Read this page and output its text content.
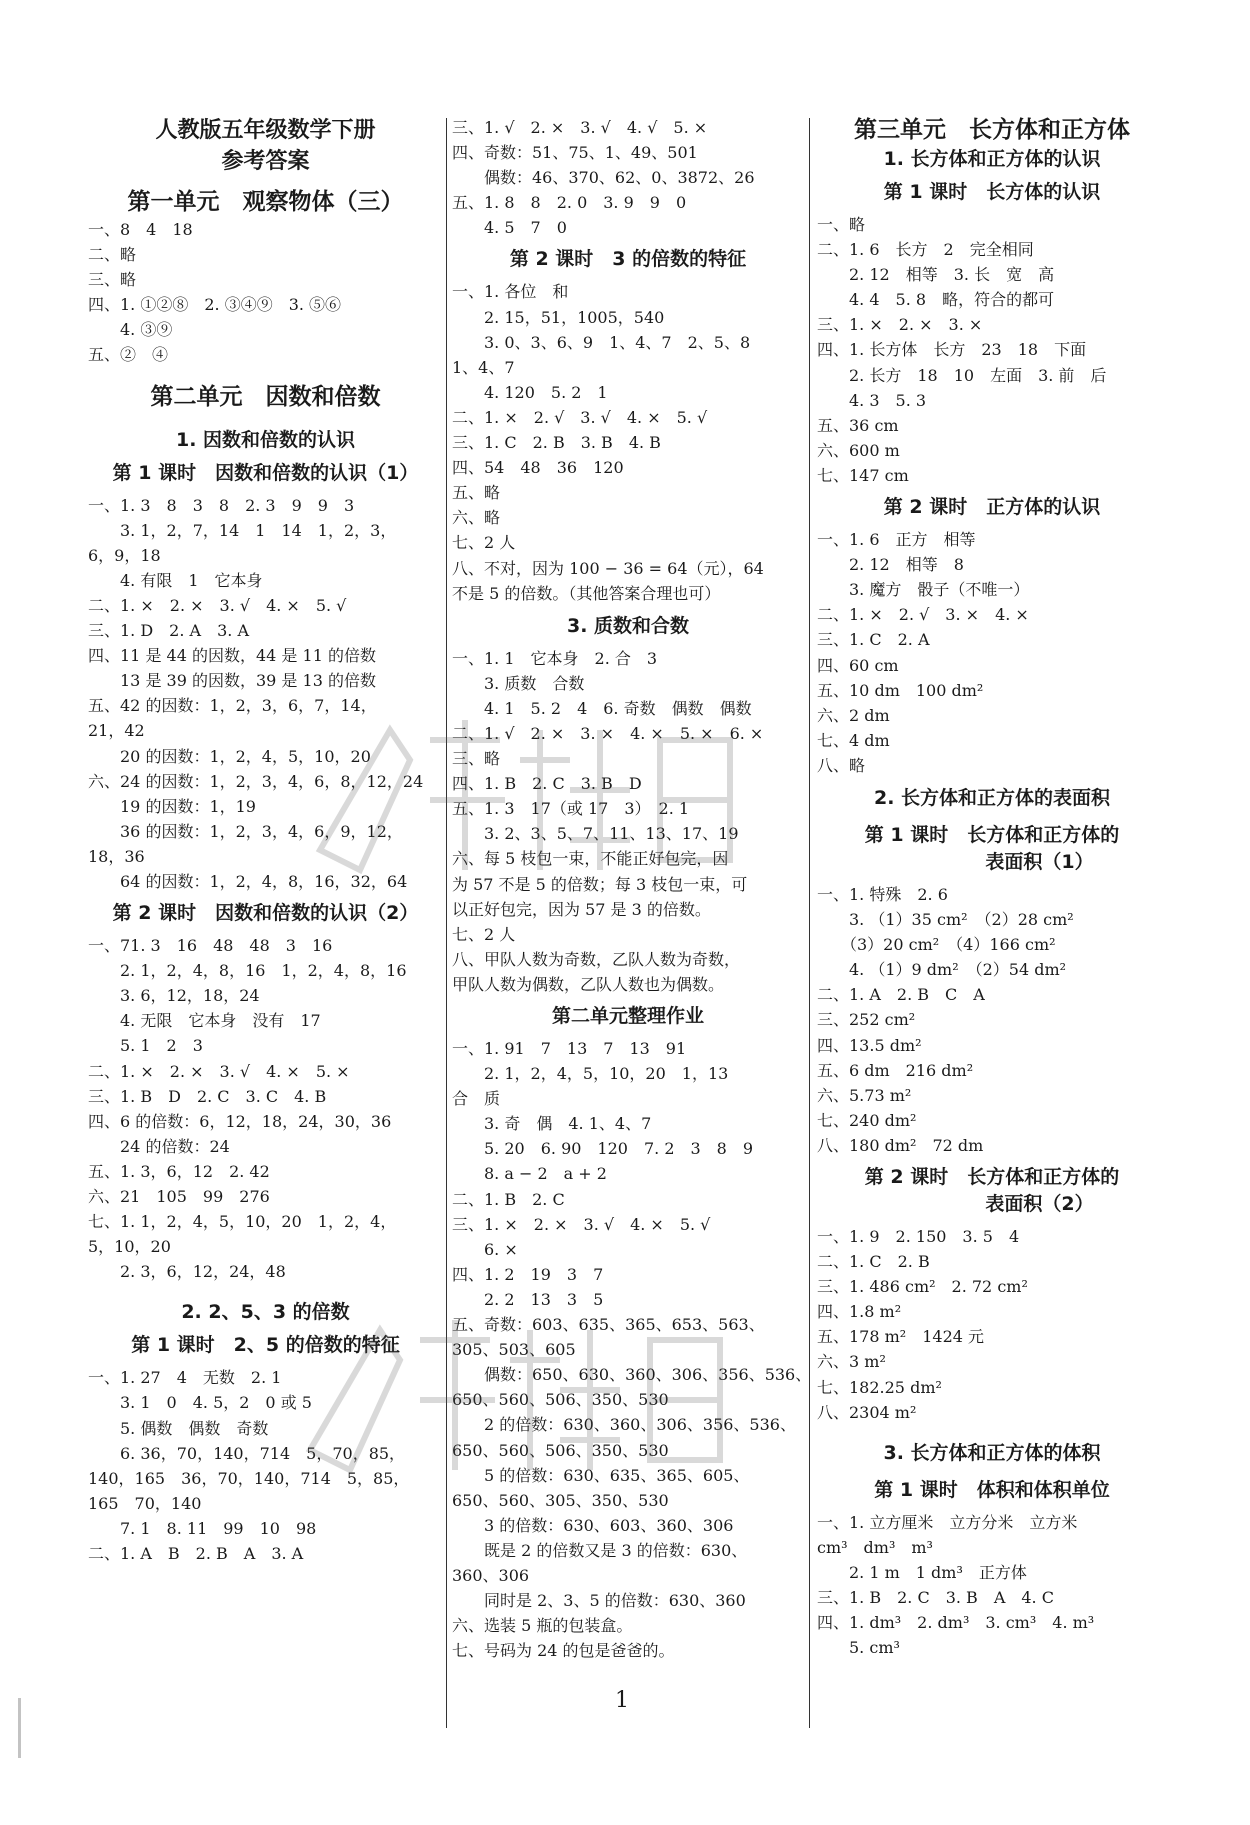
人教版五年级数学下册
参考答案
第一单元　观察物体（三）
一、8　4　18
二、略
三、略
四、1. ①②⑧　2. ③④⑨　3. ⑤⑥
　　4. ③⑨
五、②　④
第二单元　因数和倍数
1. 因数和倍数的认识
第 1 课时　因数和倍数的认识（1）
一、1. 3　8　3　8　2. 3　9　9　3
　　3. 1，2，7，14　1　14　1，2，3，
6，9，18
　　4. 有限　1　它本身
二、1. ×　2. ×　3. √　4. ×　5. √
三、1. D　2. A　3. A
四、11 是 44 的因数，44 是 11 的倍数
　　13 是 39 的因数，39 是 13 的倍数
五、42 的因数：1，2，3，6，7，14，
21，42
　　20 的因数：1，2，4，5，10，20
六、24 的因数：1，2，3，4，6，8，12，24
　　19 的因数：1，19
　　36 的因数：1，2，3，4，6，9，12，
18，36
　　64 的因数：1，2，4，8，16，32，64
第 2 课时　因数和倍数的认识（2）
一、71. 3　16　48　48　3　16
　　2. 1，2，4，8，16　1，2，4，8，16
　　3. 6，12，18，24
　　4. 无限　它本身　没有　17
　　5. 1　2　3
二、1. ×　2. ×　3. √　4. ×　5. ×
三、1. B　D　2. C　3. C　4. B
四、6 的倍数：6，12，18，24，30，36
　　24 的倍数：24
五、1. 3，6，12　2. 42
六、21　105　99　276
七、1. 1，2，4，5，10，20　1，2，4，
5，10，20
　　2. 3，6，12，24，48
2. 2、5、3 的倍数
第 1 课时　2、5 的倍数的特征
一、1. 27　4　无数　2. 1
　　3. 1　0　4. 5，2　0 或 5
　　5. 偶数　偶数　奇数
　　6. 36，70，140，714　5，70，85，
140，165　36，70，140，714　5，85，
165　70，140
　　7. 1　8. 11　99　10　98
二、1. A　B　2. B　A　3. A
三、1. √　2. ×　3. √　4. √　5. ×
四、奇数：51、75、1、49、501
　　偶数：46、370、62、0、3872、26
五、1. 8　8　2. 0　3. 9　9　0
　　4. 5　7　0
第 2 课时　3 的倍数的特征
一、1. 各位　和
　　2. 15，51，1005，540
　　3. 0、3、6、9　1、4、7　2、5、8
1、4、7
　　4. 120　5. 2　1
二、1. ×　2. √　3. √　4. ×　5. √
三、1. C　2. B　3. B　4. B
四、54　48　36　120
五、略
六、略
七、2 人
八、不对，因为 100 − 36 = 64（元），64
不是 5 的倍数。（其他答案合理也可）
3. 质数和合数
一、1. 1　它本身　2. 合　3
　　3. 质数　合数
　　4. 1　5. 2　4　6. 奇数　偶数　偶数
二、1. √　2. ×　3. ×　4. ×　5. ×　6. ×
三、略
四、1. B　2. C　3. B　D
五、1. 3　17（或 17　3）　2. 1
　　3. 2、3、5、7、11、13、17、19
六、每 5 枝包一束，不能正好包完，因
为 57 不是 5 的倍数；每 3 枝包一束，可
以正好包完，因为 57 是 3 的倍数。
七、2 人
八、甲队人数为奇数，乙队人数为奇数，
甲队人数为偶数，乙队人数也为偶数。
第二单元整理作业
一、1. 91　7　13　7　13　91
　　2. 1，2，4，5，10，20　1，13
合　质
　　3. 奇　偶　4. 1、4、7
　　5. 20　6. 90　120　7. 2　3　8　9
　　8. a − 2　a + 2
二、1. B　2. C
三、1. ×　2. ×　3. √　4. ×　5. √
　　6. ×
四、1. 2　19　3　7
　　2. 2　13　3　5
五、奇数：603、635、365、653、563、
305、503、605
　　偶数：650、630、360、306、356、536、
650、560、506、350、530
　　2 的倍数：630、360、306、356、536、
650、560、506、350、530
　　5 的倍数：630、635、365、605、
650、560、305、350、530
　　3 的倍数：630、603、360、306
　　既是 2 的倍数又是 3 的倍数：630、
360、306
　　同时是 2、3、5 的倍数：630、360
六、选装 5 瓶的包装盒。
七、号码为 24 的包是爸爸的。
第三单元　长方体和正方体
1. 长方体和正方体的认识
第 1 课时　长方体的认识
一、略
二、1. 6　长方　2　完全相同
　　2. 12　相等　3. 长　宽　高
　　4. 4　5. 8　略，符合的都可
三、1. ×　2. ×　3. ×
四、1. 长方体　长方　23　18　下面
　　2. 长方　18　10　左面　3. 前　后
　　4. 3　5. 3
五、36 cm
六、600 m
七、147 cm
第 2 课时　正方体的认识
一、1. 6　正方　相等
　　2. 12　相等　8
　　3. 魔方　骰子（不唯一）
二、1. ×　2. √　3. ×　4. ×
三、1. C　2. A
四、60 cm
五、10 dm　100 dm²
六、2 dm
七、4 dm
八、略
2. 长方体和正方体的表面积
第 1 课时　长方体和正方体的
　　　　　表面积（1）
一、1. 特殊　2. 6
　　3. （1）35 cm²　（2）28 cm²
　　（3）20 cm²　（4）166 cm²
　　4. （1）9 dm²　（2）54 dm²
二、1. A　2. B　C　A
三、252 cm²
四、13.5 dm²
五、6 dm　216 dm²
六、5.73 m²
七、240 dm²
八、180 dm²　72 dm
第 2 课时　长方体和正方体的
　　　　　表面积（2）
一、1. 9　2. 150　3. 5　4
二、1. C　2. B
三、1. 486 cm²　2. 72 cm²
四、1.8 m²
五、178 m²　1424 元
六、3 m²
七、182.25 dm²
八、2304 m²
3. 长方体和正方体的体积
第 1 课时　体积和体积单位
一、1. 立方厘米　立方分米　立方米
cm³　dm³　m³
　　2. 1 m　1 dm³　正方体
三、1. B　2. C　3. B　A　4. C
四、1. dm³　2. dm³　3. cm³　4. m³
　　5. cm³
1
